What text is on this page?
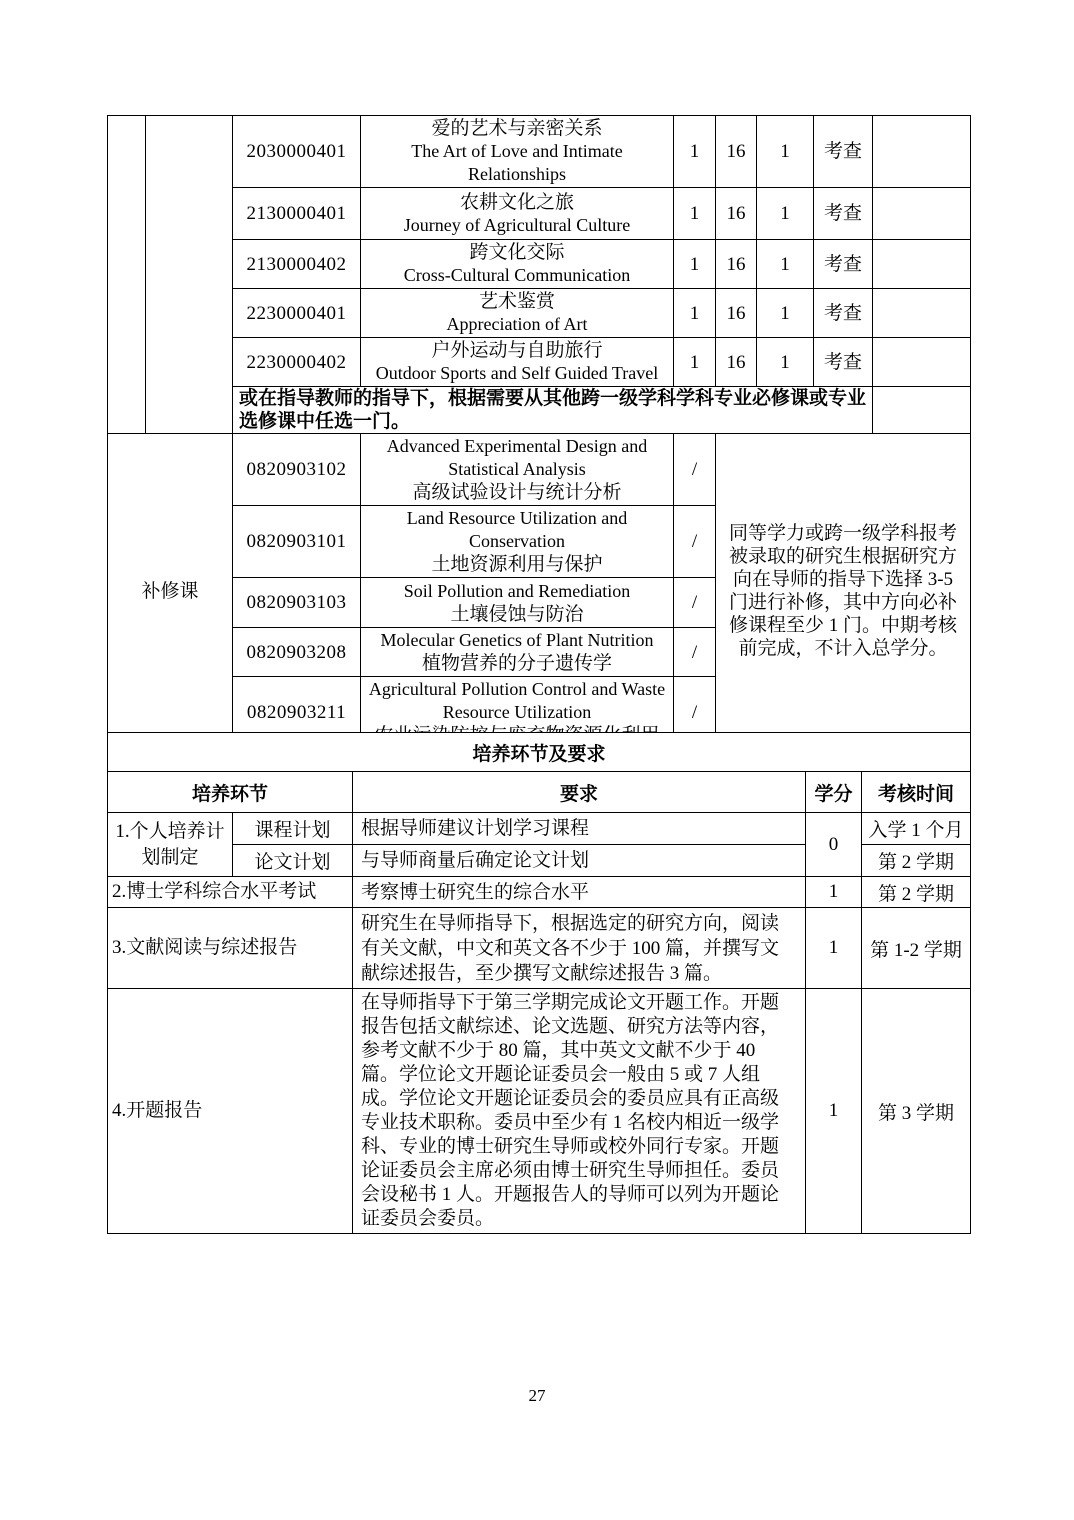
		2030000401	爱的艺术与亲密关系
The Art of Love and Intimate Relationships	1	16	1	考查	
		2130000401	农耕文化之旅
Journey of Agricultural Culture	1	16	1	考查	
		2130000402	跨文化交际
Cross-Cultural Communication	1	16	1	考查	
		2230000401	艺术鉴赏
Appreciation of Art	1	16	1	考查	
		2230000402	户外运动与自助旅行
Outdoor Sports and Self Guided Travel	1	16	1	考查	
		或在指导教师的指导下，根据需要从其他跨一级学科学科专业必修课或专业选修课中任选一门。						
补修课		0820903102	Advanced Experimental Design and Statistical Analysis
高级试验设计与统计分析	/	同等学力或跨一级学科报考被录取的研究生根据研究方向在导师的指导下选择 3-5 门进行补修，其中方向必补修课程至少 1 门。中期考核前完成，不计入总学分。			
		0820903101	Land Resource Utilization and Conservation
土地资源利用与保护	/				
		0820903103	Soil Pollution and Remediation
土壤侵蚀与防治	/				
		0820903208	Molecular Genetics of Plant Nutrition
植物营养的分子遗传学	/				
		0820903211	Agricultural Pollution Control and Waste Resource Utilization	/				
培养环节及要求				
培养环节		要求	学分	考核时间
1.个人培养计划制定	课程计划	根据导师建议计划学习课程	0	入学 1 个月
	论文计划	与导师商量后确定论文计划		第 2 学期
2.博士学科综合水平考试		考察博士研究生的综合水平	1	第 2 学期
3.文献阅读与综述报告		研究生在导师指导下，根据选定的研究方向，阅读有关文献，中文和英文各不少于 100 篇，并撰写文献综述报告，至少撰写文献综述报告 3 篇。	1	第 1-2 学期
4.开题报告		在导师指导下于第三学期完成论文开题工作。开题报告包括文献综述、论文选题、研究方法等内容，参考文献不少于 80 篇，其中英文文献不少于 40 篇。学位论文开题论证委员会一般由 5 或 7 人组成。学位论文开题论证委员会的委员应具有正高级专业技术职称。委员中至少有 1 名校内相近一级学科、专业的博士研究生导师或校外同行专家。开题论证委员会主席必须由博士研究生导师担任。委员会设秘书 1 人。开题报告人的导师可以列为开题论证委员会委员。	1	第 3 学期
27
